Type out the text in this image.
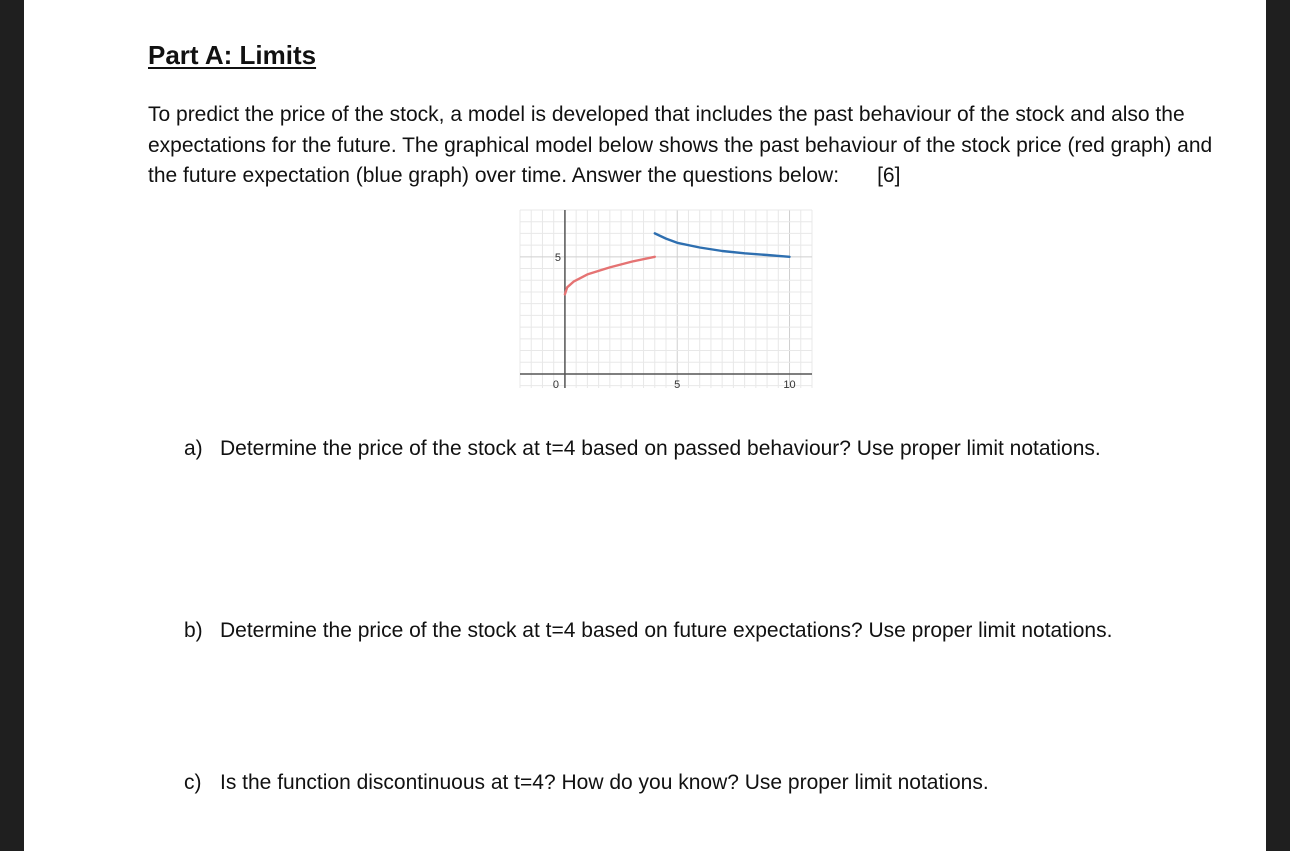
Part A: Limits

To predict the price of the stock, a model is developed that includes the past behaviour of the stock and also the expectations for the future. The graphical model below shows the past behaviour of the stock price (red graph) and the future expectation (blue graph) over time. Answer the questions below: [6]

0	5	10
5

a) Determine the price of the stock at t=4 based on passed behaviour? Use proper limit notations.

b) Determine the price of the stock at t=4 based on future expectations? Use proper limit notations.

c) Is the function discontinuous at t=4? How do you know? Use proper limit notations.
